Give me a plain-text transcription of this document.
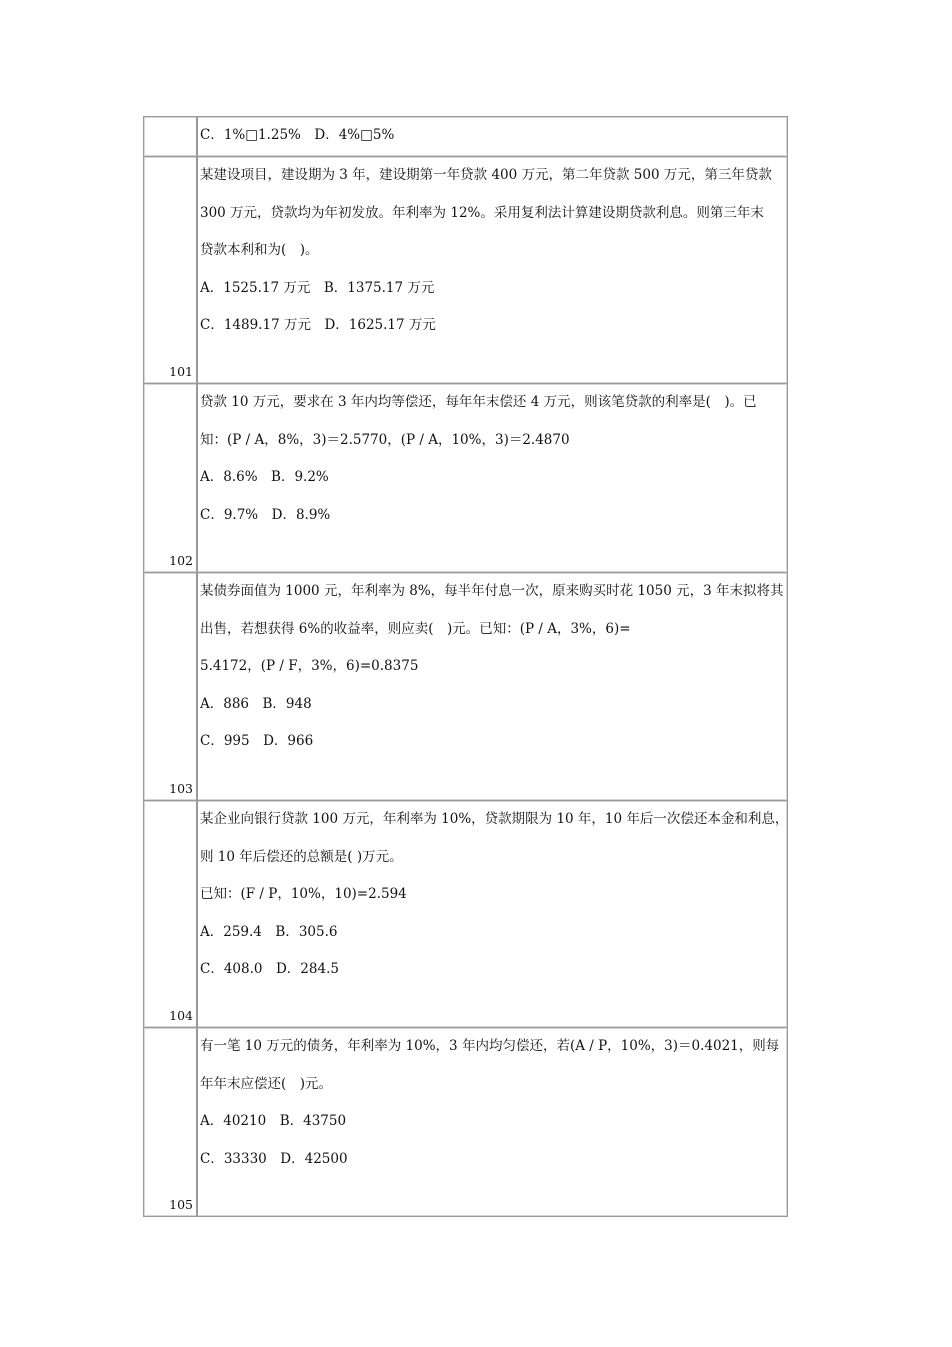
C．1%□1.25%　D．4%□5%
101
某建设项目，建设期为 3 年，建设期第一年贷款 400 万元，第二年贷款 500 万元，第三年贷款
300 万元，贷款均为年初发放。年利率为 12%。采用复利法计算建设期贷款利息。则第三年末
贷款本利和为(　)。
A．1525.17 万元　B．1375.17 万元
C．1489.17 万元　D．1625.17 万元
102
贷款 10 万元，要求在 3 年内均等偿还，每年年末偿还 4 万元，则该笔贷款的利率是(　)。已
知：(P / A，8%，3)＝2.5770，(P / A，10%，3)＝2.4870
A．8.6%　B．9.2%
C．9.7%　D．8.9%
103
某债券面值为 1000 元，年利率为 8%，每半年付息一次，原来购买时花 1050 元，3 年末拟将其
出售，若想获得 6%的收益率，则应卖(　)元。已知：(P / A，3%，6)=
5.4172，(P / F，3%，6)=0.8375
A．886　B．948
C．995　D．966
104
某企业向银行贷款 100 万元，年利率为 10%，贷款期限为 10 年，10 年后一次偿还本金和利息，
则 10 年后偿还的总额是( )万元。
已知：(F / P，10%，10)=2.594
A．259.4　B．305.6
C．408.0　D．284.5
105
有一笔 10 万元的债务，年利率为 10%，3 年内均匀偿还，若(A / P，10%，3)＝0.4021，则每
年年末应偿还(　)元。
A．40210　B．43750
C．33330　D．42500
